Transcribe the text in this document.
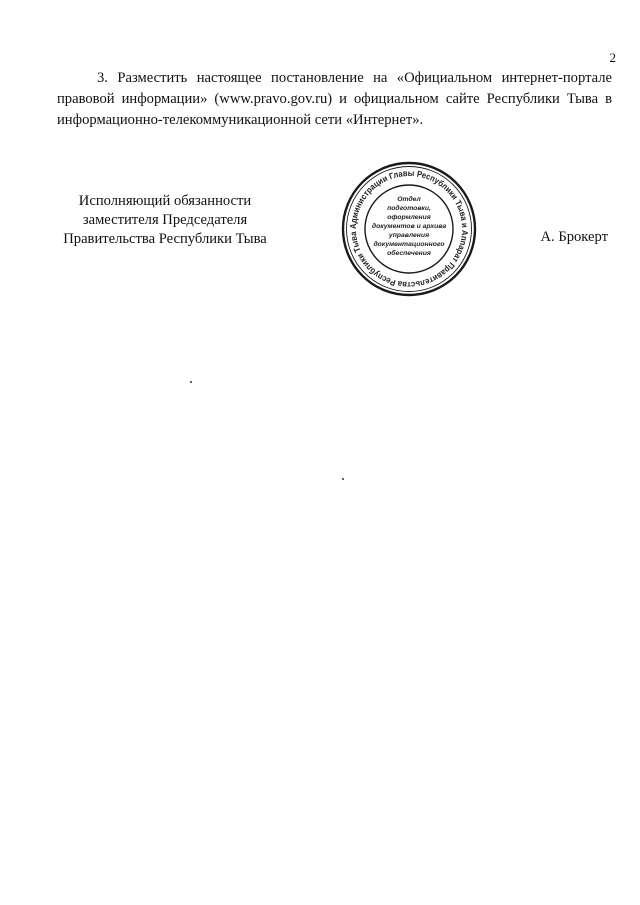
2

3. Разместить настоящее постановление на «Официальном интернет-портале правовой информации» (www.pravo.gov.ru) и официальном сайте Республики Тыва в информационно-телекоммуникационной сети «Интернет».

Исполняющий обязанности
заместителя Председателя
Правительства Республики Тыва
Администрации Главы Республики Тыва и Аппарат Правительства Республики Тыва
Отдел
подготовки,
оформления
документов и архива
управления
документационного
обеспечения
А. Брокерт
